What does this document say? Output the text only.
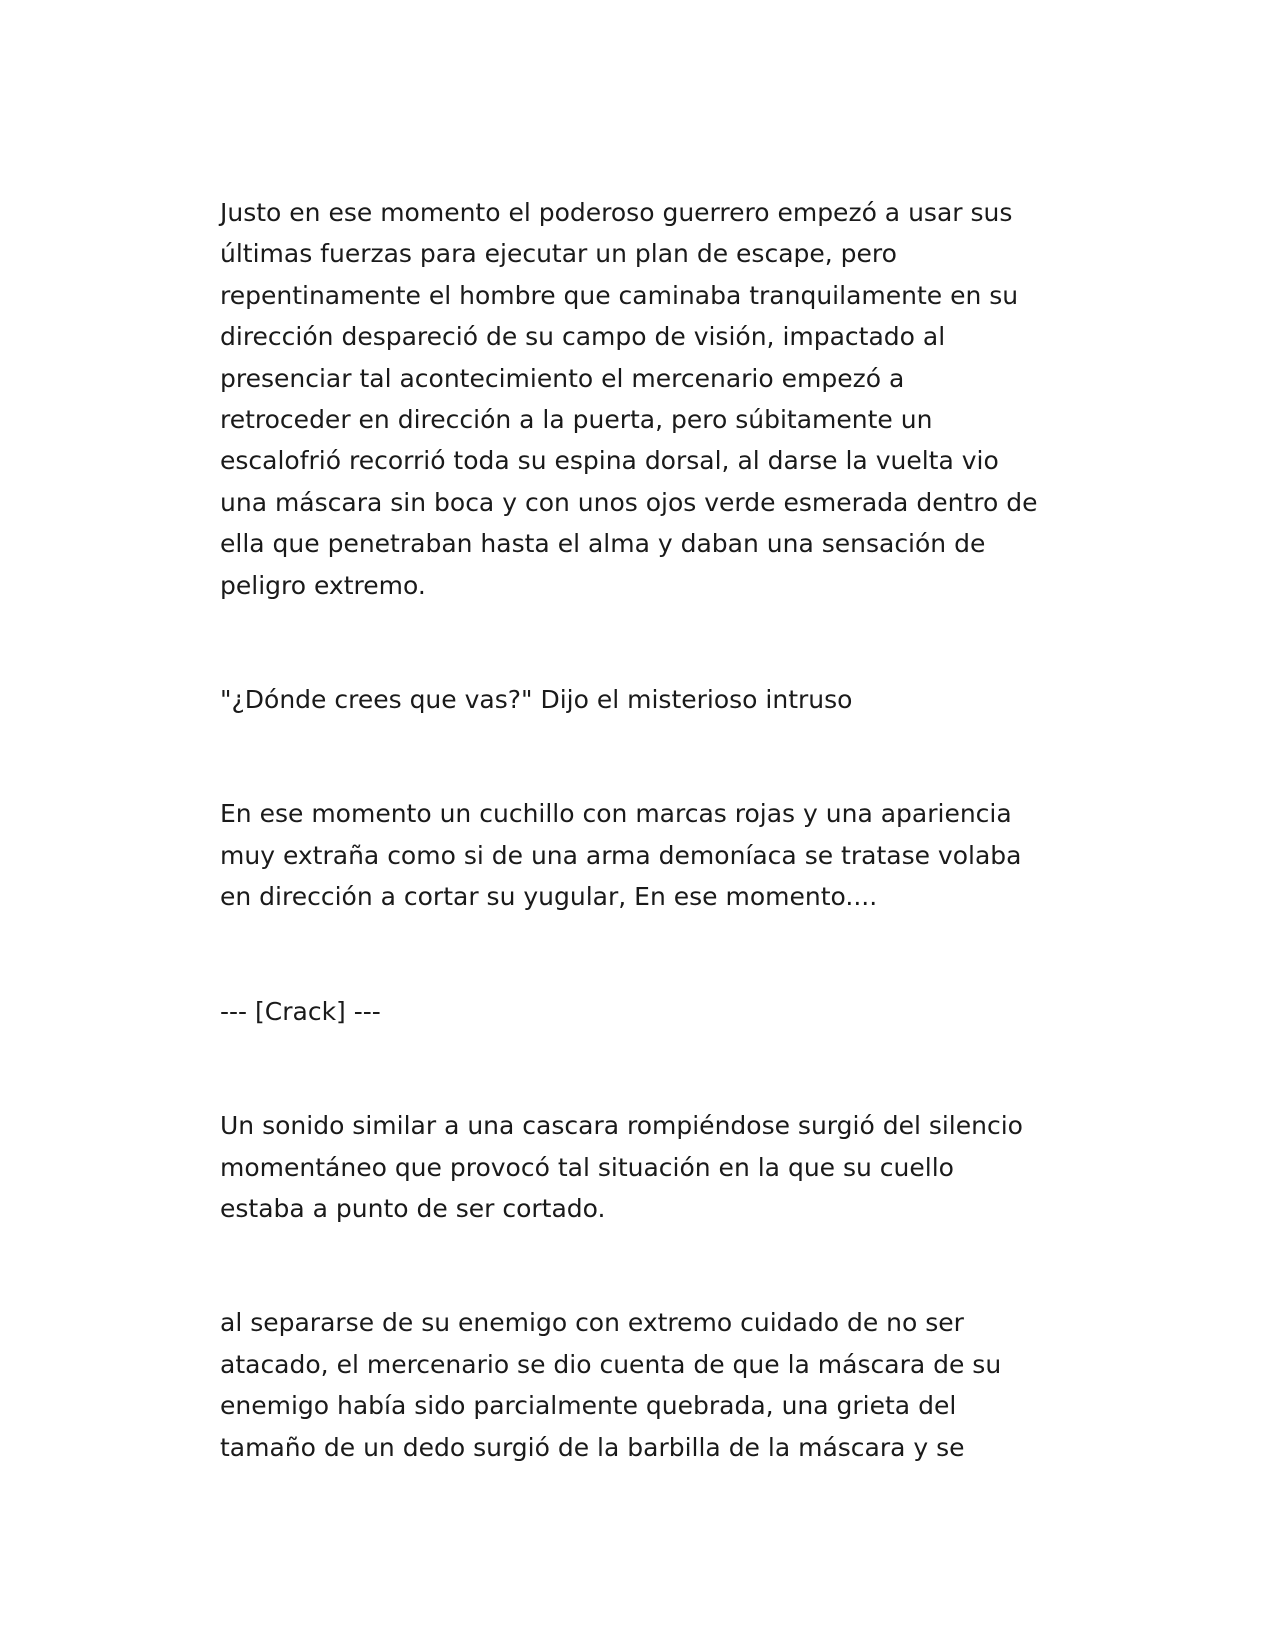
Justo en ese momento el poderoso guerrero empezó a usar sus

últimas fuerzas para ejecutar un plan de escape, pero

repentinamente el hombre que caminaba tranquilamente en su

dirección despareció de su campo de visión, impactado al

presenciar tal acontecimiento el mercenario empezó a

retroceder en dirección a la puerta, pero súbitamente un

escalofrió recorrió toda su espina dorsal, al darse la vuelta vio

una máscara sin boca y con unos ojos verde esmerada dentro de

ella que penetraban hasta el alma y daban una sensación de

peligro extremo.

"¿Dónde crees que vas?" Dijo el misterioso intruso

En ese momento un cuchillo con marcas rojas y una apariencia

muy extraña como si de una arma demoníaca se tratase volaba

en dirección a cortar su yugular, En ese momento....

--- [Crack] ---

Un sonido similar a una cascara rompiéndose surgió del silencio

momentáneo que provocó tal situación en la que su cuello

estaba a punto de ser cortado.

al separarse de su enemigo con extremo cuidado de no ser

atacado, el mercenario se dio cuenta de que la máscara de su

enemigo había sido parcialmente quebrada, una grieta del

tamaño de un dedo surgió de la barbilla de la máscara y se
